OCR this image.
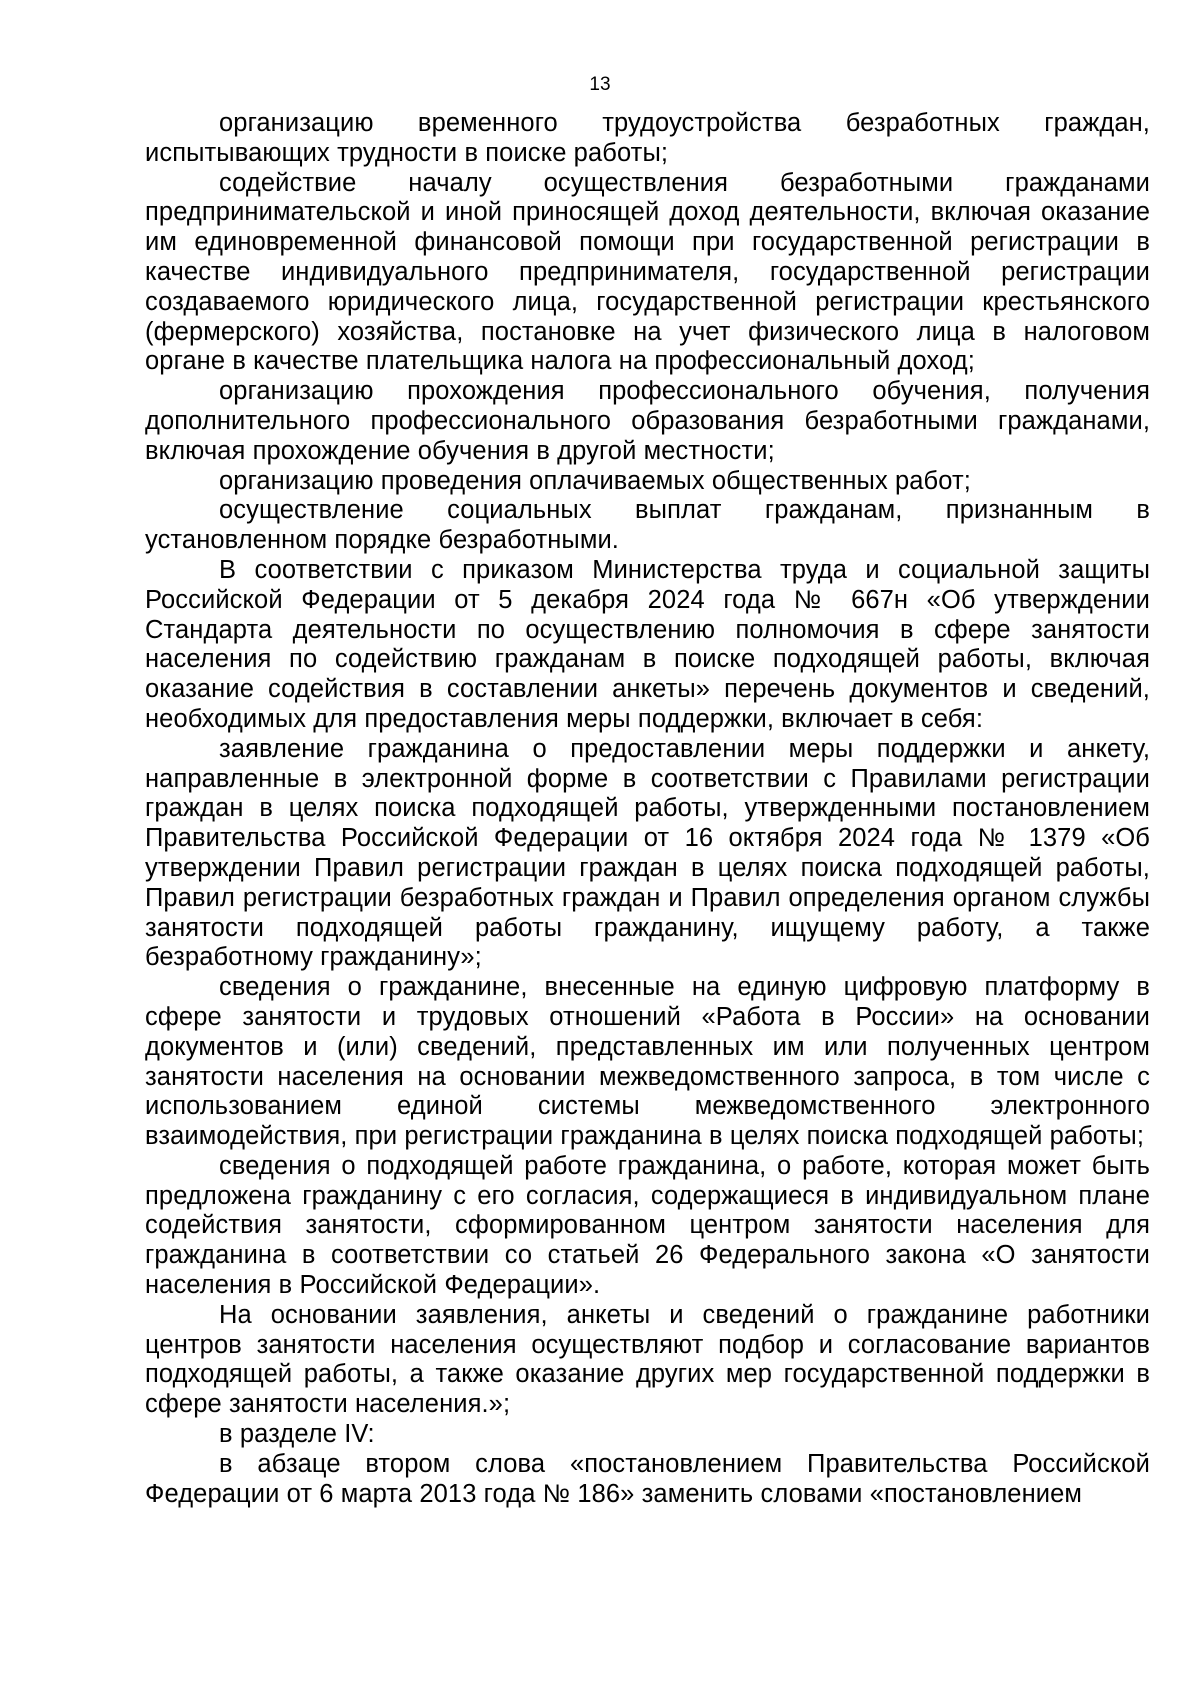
13

организацию временного трудоустройства безработных граждан, испытывающих трудности в поиске работы;

содействие началу осуществления безработными гражданами предпринимательской и иной приносящей доход деятельности, включая оказание им единовременной финансовой помощи при государственной регистрации в качестве индивидуального предпринимателя, государственной регистрации создаваемого юридического лица, государственной регистрации крестьянского (фермерского) хозяйства, постановке на учет физического лица в налоговом органе в качестве плательщика налога на профессиональный доход;

организацию прохождения профессионального обучения, получения дополнительного профессионального образования безработными гражданами, включая прохождение обучения в другой местности;

организацию проведения оплачиваемых общественных работ;

осуществление социальных выплат гражданам, признанным в установленном порядке безработными.

В соответствии с приказом Министерства труда и социальной защиты Российской Федерации от 5 декабря 2024 года № 667н «Об утверждении Стандарта деятельности по осуществлению полномочия в сфере занятости населения по содействию гражданам в поиске подходящей работы, включая оказание содействия в составлении анкеты» перечень документов и сведений, необходимых для предоставления меры поддержки, включает в себя:

заявление гражданина о предоставлении меры поддержки и анкету, направленные в электронной форме в соответствии с Правилами регистрации граждан в целях поиска подходящей работы, утвержденными постановлением Правительства Российской Федерации от 16 октября 2024 года № 1379 «Об утверждении Правил регистрации граждан в целях поиска подходящей работы, Правил регистрации безработных граждан и Правил определения органом службы занятости подходящей работы гражданину, ищущему работу, а также безработному гражданину»;

сведения о гражданине, внесенные на единую цифровую платформу в сфере занятости и трудовых отношений «Работа в России» на основании документов и (или) сведений, представленных им или полученных центром занятости населения на основании межведомственного запроса, в том числе с использованием единой системы межведомственного электронного взаимодействия, при регистрации гражданина в целях поиска подходящей работы;

сведения о подходящей работе гражданина, о работе, которая может быть предложена гражданину с его согласия, содержащиеся в индивидуальном плане содействия занятости, сформированном центром занятости населения для гражданина в соответствии со статьей 26 Федерального закона «О занятости населения в Российской Федерации».

На основании заявления, анкеты и сведений о гражданине работники центров занятости населения осуществляют подбор и согласование вариантов подходящей работы, а также оказание других мер государственной поддержки в сфере занятости населения.»;

в разделе IV:

в абзаце втором слова «постановлением Правительства Российской Федерации от 6 марта 2013 года № 186» заменить словами «постановлением
